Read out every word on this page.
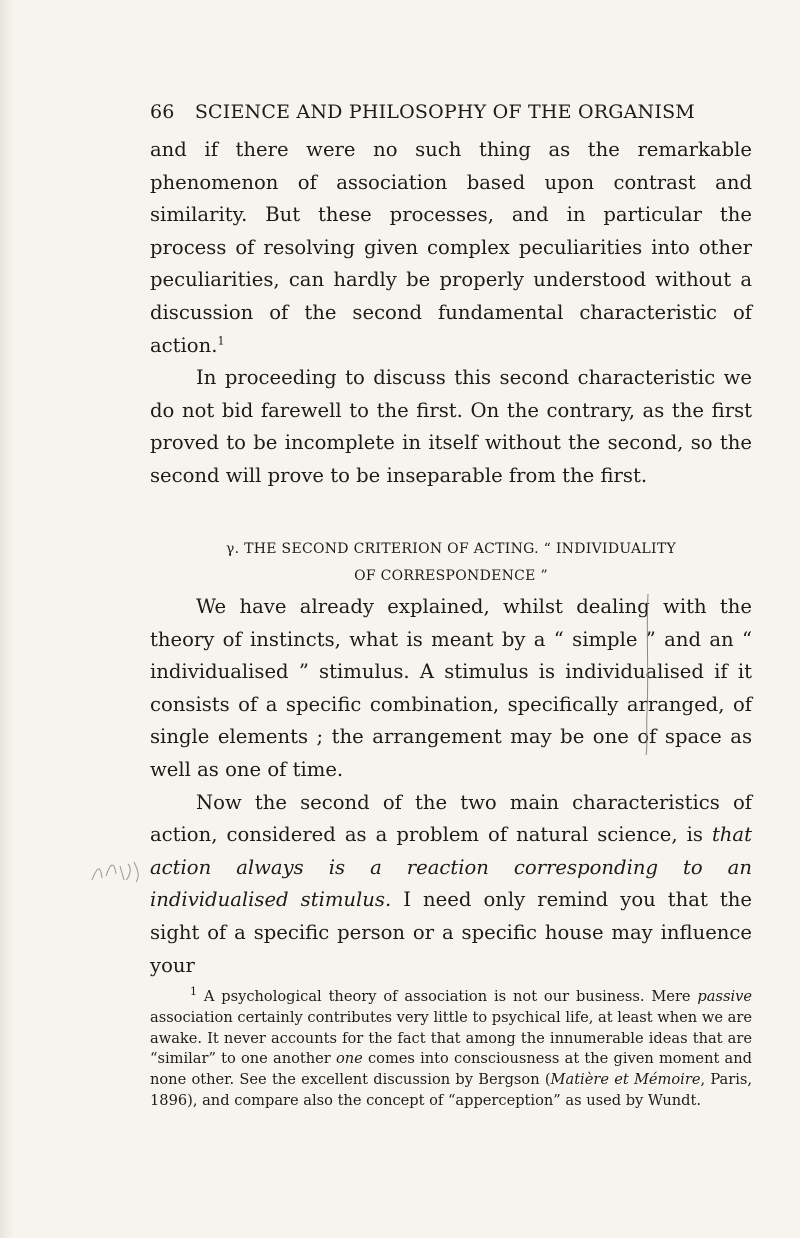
66 SCIENCE AND PHILOSOPHY OF THE ORGANISM

and if there were no such thing as the remarkable phenomenon of association based upon contrast and similarity. But these processes, and in particular the process of resolving given complex peculiarities into other peculiarities, can hardly be properly understood without a discussion of the second fundamental characteristic of action.$^1$

In proceeding to discuss this second characteristic we do not bid farewell to the first. On the contrary, as the first proved to be incomplete in itself without the second, so the second will prove to be inseparable from the first.

γ. THE SECOND CRITERION OF ACTING. “ INDIVIDUALITY
OF CORRESPONDENCE ”

We have already explained, whilst dealing with the theory of instincts, what is meant by a “ simple ” and an “ individualised ” stimulus. A stimulus is individualised if it consists of a specific combination, specifically arranged, of single elements ; the arrangement may be one of space as well as one of time.

Now the second of the two main characteristics of action, considered as a problem of natural science, is that action always is a reaction corresponding to an individualised stimulus. I need only remind you that the sight of a specific person or a specific house may influence your

$^1$ A psychological theory of association is not our business. Mere passive association certainly contributes very little to psychical life, at least when we are awake. It never accounts for the fact that among the innumerable ideas that are “similar” to one another one comes into consciousness at the given moment and none other. See the excellent discussion by Bergson (Matière et Mémoire, Paris, 1896), and compare also the concept of “apperception” as used by Wundt.
